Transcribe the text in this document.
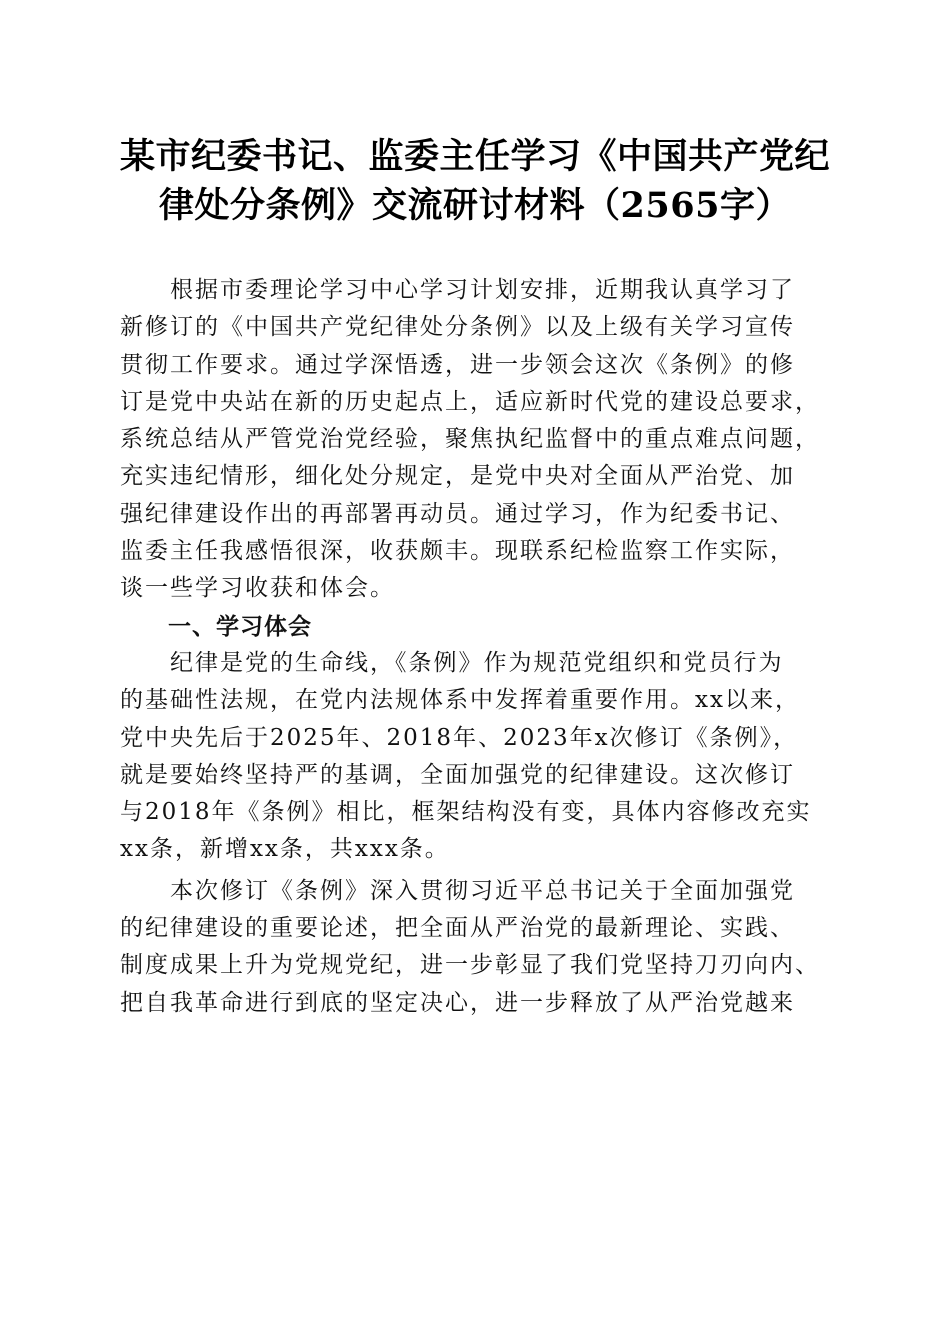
某市纪委书记、监委主任学习《中国共产党纪
律处分条例》交流研讨材料（2565字）

　　根据市委理论学习中心学习计划安排，近期我认真学习了
新修订的《中国共产党纪律处分条例》以及上级有关学习宣传
贯彻工作要求。通过学深悟透，进一步领会这次《条例》的修
订是党中央站在新的历史起点上，适应新时代党的建设总要求，
系统总结从严管党治党经验，聚焦执纪监督中的重点难点问题，
充实违纪情形，细化处分规定，是党中央对全面从严治党、加
强纪律建设作出的再部署再动员。通过学习，作为纪委书记、
监委主任我感悟很深，收获颇丰。现联系纪检监察工作实际，
谈一些学习收获和体会。

一、学习体会

　　纪律是党的生命线，《条例》作为规范党组织和党员行为
的基础性法规，在党内法规体系中发挥着重要作用。xx以来，
党中央先后于2025年、2018年、2023年x次修订《条例》，
就是要始终坚持严的基调，全面加强党的纪律建设。这次修订
与2018年《条例》相比，框架结构没有变，具体内容修改充实
xx条，新增xx条，共xxx条。

　　本次修订《条例》深入贯彻习近平总书记关于全面加强党
的纪律建设的重要论述，把全面从严治党的最新理论、实践、
制度成果上升为党规党纪，进一步彰显了我们党坚持刀刃向内、
把自我革命进行到底的坚定决心，进一步释放了从严治党越来
